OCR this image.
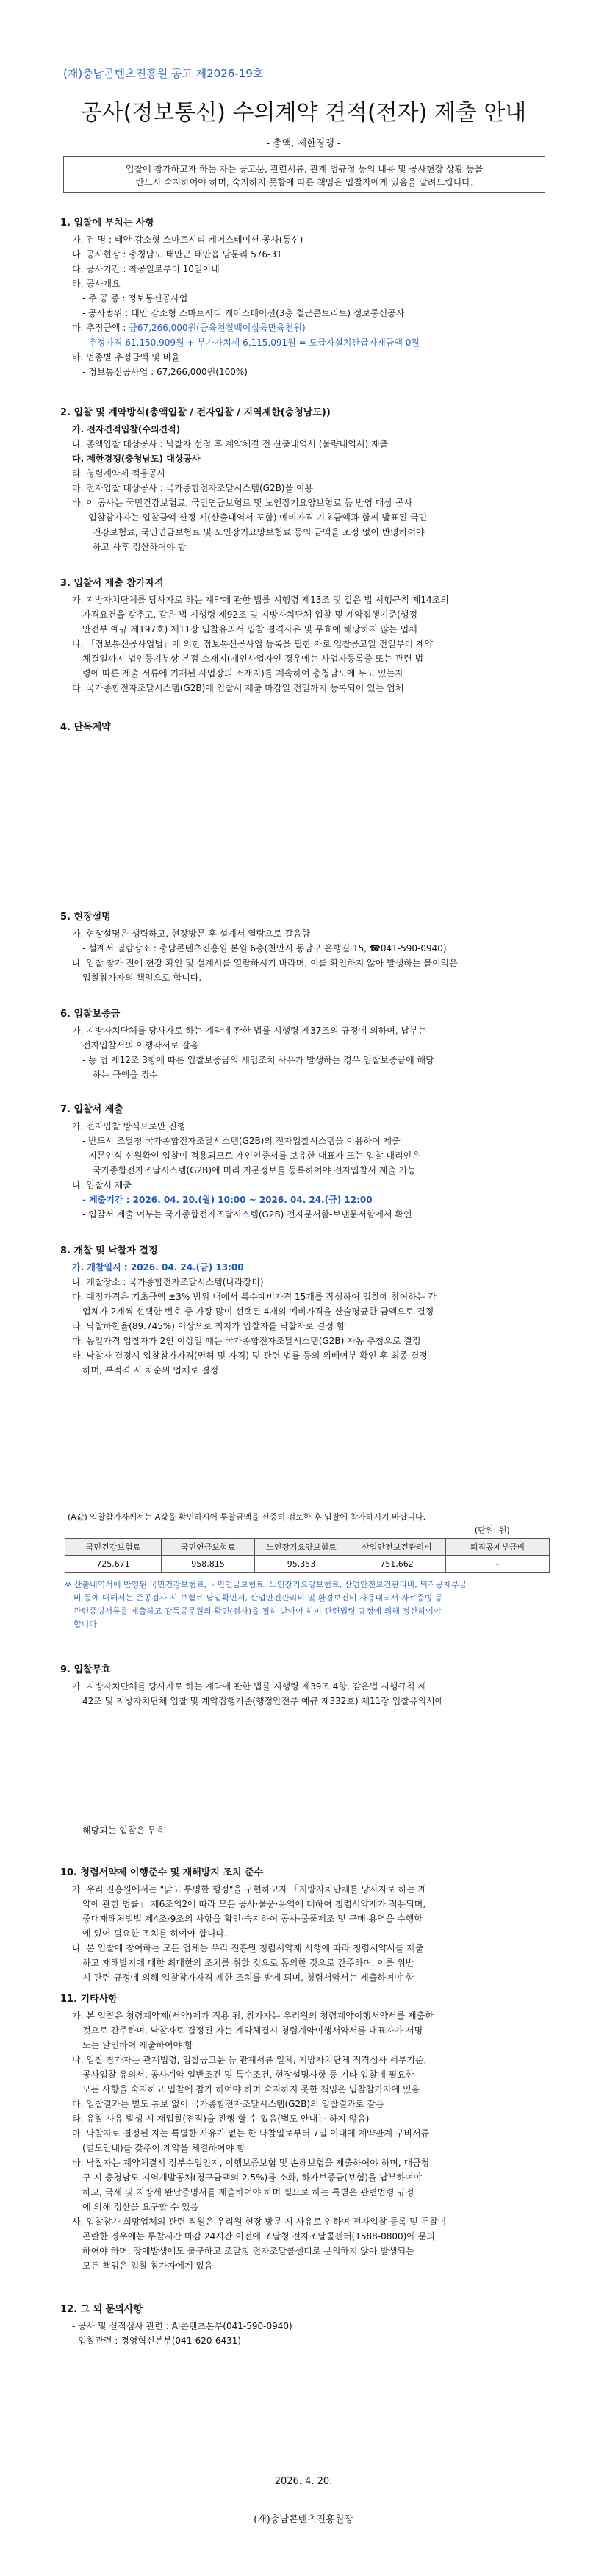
(재)충남콘텐츠진흥원 공고 제2026-19호
공사(정보통신) 수의계약 견적(전자) 제출 안내
- 총액, 제한경쟁 -
입찰에 참가하고자 하는 자는 공고문, 관련서류, 관계 법규정 등의 내용 및 공사현장 상황 등을
반드시 숙지하여야 하며, 숙지하지 못함에 따른 책임은 입찰자에게 있음을 알려드립니다.
1. 입찰에 부치는 사항
가. 건 명 : 태안 감소형 스마트시티 케어스테이션 공사(통신)
나. 공사현장 : 충청남도 태안군 태안읍 남문리 576-31
다. 공사기간 : 착공일로부터 10일이내
라. 공사개요
- 주 공 종 : 정보통신공사업
- 공사범위 : 태안 감소형 스마트시티 케어스테이션(3층 철근콘트리트) 정보통신공사
마. 추정금액 : 금67,266,000원(금육천칠백이십육만육천원)
- 추정가격 61,150,909원 + 부가가치세 6,115,091원 = 도급자설치관급자재금액 0원
바. 업종별 추정금액 및 비율
- 정보통신공사업 : 67,266,000원(100%)
2. 입찰 및 계약방식(총액입찰 / 전자입찰 / 지역제한(충청남도))
가. 전자견적입찰(수의견적)
나. 총액입찰 대상공사 : 낙찰자 선정 후 계약체결 전 산출내역서 (물량내역서) 제출
다. 제한경쟁(충청남도) 대상공사
라. 청렴계약제 적용공사
마. 전자입찰 대상공사 : 국가종합전자조달시스템(G2B)을 이용
바. 이 공사는 국민건강보험료, 국민연금보험료 및 노인장기요양보험료 등 반영 대상 공사
- 입찰참가자는 입찰금액 산정 시(산출내역서 포함) 예비가격 기초금액과 함께 발표된 국민
건강보험료, 국민연금보험료 및 노인장기요양보험료 등의 금액을 조정 없이 반영하여야
하고 사후 정산하여야 함
3. 입찰서 제출 참가자격
가. 지방자치단체를 당사자로 하는 계약에 관한 법률 시행령 제13조 및 같은 법 시행규칙 제14조의
자격요건을 갖추고, 같은 법 시행령 제92조 및 지방자치단체 입찰 및 계약집행기준(행정
안전부 예규 제197호) 제11장 입찰유의서 입찰 결격사유 및 무효에 해당하지 않는 업체
나. 「정보통신공사업법」에 의한 정보통신공사업 등록을 필한 자로 입찰공고일 전일부터 계약
체결일까지 법인등기부상 본점 소재지(개인사업자인 경우에는 사업자등록증 또는 관련 법
령에 따른 제출 서류에 기재된 사업장의 소재지)를 계속하여 충청남도에 두고 있는자
다. 국가종합전자조달시스템(G2B)에 입찰서 제출 마감일 전일까지 등록되어 있는 업체
4. 단독계약
5. 현장설명
가. 현장설명은 생략하고, 현장방문 후 설계서 열람으로 갈음함
- 설계서 열람장소 : 충남콘텐츠진흥원 본원 6층(천안시 동남구 은행길 15, ☎041-590-0940)
나. 입찰 참가 전에 현장 확인 및 설계서를 열람하시기 바라며, 이를 확인하지 않아 발생하는 불이익은
입찰참가자의 책임으로 합니다.
6. 입찰보증금
가. 지방자치단체를 당사자로 하는 계약에 관한 법률 시행령 제37조의 규정에 의하며, 납부는
전자입찰서의 이행각서로 갈음
- 동 법 제12조 3항에 따른 입찰보증금의 세입조치 사유가 발생하는 경우 입찰보증금에 해당
하는 금액을 징수
7. 입찰서 제출
가. 전자입찰 방식으로만 진행
- 반드시 조달청 국가종합전자조달시스템(G2B)의 전자입찰시스템을 이용하여 제출
- 지문인식 신원확인 입찰이 적용되므로 개인인증서를 보유한 대표자 또는 입찰 대리인은
국가종합전자조달시스템(G2B)에 미리 지문정보를 등록하여야 전자입찰서 제출 가능
나. 입찰서 제출
- 제출기간 : 2026. 04. 20.(월) 10:00 ~ 2026. 04. 24.(금) 12:00
- 입찰서 제출 여부는 국가종합전자조달시스템(G2B) 전자문서함-보낸문서함에서 확인
8. 개찰 및 낙찰자 결정
가. 개찰일시 : 2026. 04. 24.(금) 13:00
나. 개찰장소 : 국가종합전자조달시스템(나라장터)
다. 예정가격은 기초금액 ±3% 범위 내에서 복수예비가격 15개를 작성하여 입찰에 참여하는 각
업체가 2개씩 선택한 번호 중 가장 많이 선택된 4개의 예비가격을 산술평균한 금액으로 결정
라. 낙찰하한율(89.745%) 이상으로 최저가 입찰자를 낙찰자로 결정 함
마. 동일가격 입찰자가 2인 이상일 때는 국가종합전자조달시스템(G2B) 자동 추첨으로 결정
바. 낙찰자 결정시 입찰참가자격(면허 및 자격) 및 관련 법률 등의 위배여부 확인 후 최종 결정
하며, 부적격 시 차순위 업체로 결정
(A값) 입찰참가자께서는 A값을 확인하시어 투찰금액을 신중히 검토한 후 입찰에 참가하시기 바랍니다.
(단위: 원)
국민건강보험료	국민연금보험료	노인장기요양보험료	산업안전보건관리비	퇴직공제부금비
725,671	958,815	95,353	751,662	-
※ 산출내역서에 반영된 국민건강보험료, 국민연금보험료, 노인장기요양보험료, 산업안전보건관리비, 퇴직공제부금
비 등에 대해서는 준공검사 시 보험료 납입확인서, 산업안전관리비 및 환경보전비 사용내역서·자료증빙 등
관련증빙서류를 제출하고 감독공무원의 확인(검사)을 필히 받아야 하며 관련법령 규정에 의해 정산하여야
합니다.
9. 입찰무효
가. 지방자치단체를 당사자로 하는 계약에 관한 법률 시행령 제39조 4항, 같은법 시행규칙 제
42조 및 지방자치단체 입찰 및 계약집행기준(행정안전부 예규 제332호) 제11장 입찰유의서에
해당되는 입찰은 무효
10. 청렴서약제 이행준수 및 재해방지 조치 준수
가. 우리 진흥원에서는 "맑고 투명한 행정"을 구현하고자 「지방자치단체를 당사자로 하는 계
약에 관한 법률」 제6조의2에 따라 모든 공사·물품·용역에 대하여 청렴서약제가 적용되며,
중대재해처벌법 제4조·9조의 사항을 확인·숙지하여 공사·물품제조 및 구매·용역을 수행함
에 있어 필요한 조치를 하여야 합니다.
나. 본 입찰에 참여하는 모든 업체는 우리 진흥원 청렴서약제 시행에 따라 청렴서약서를 제출
하고 재해발지에 대한 최대한의 조치를 취할 것으로 동의한 것으로 간주하며, 이를 위반
시 관련 규정에 의해 입찰참가자격 제한 조치를 받게 되며, 청렴서약서는 제출하여야 함
11. 기타사항
가. 본 입찰은 청렴계약제(서약)제가 적용 됨, 참가자는 우리원의 청렴계약이행서약서를 제출한
것으로 간주하며, 낙찰자로 결정된 자는 계약체결시 청렴계약이행서약서를 대표자가 서명
또는 날인하여 제출하여야 함
나. 입찰 참가자는 관계법령, 입찰공고문 등 관계서류 일체, 지방자치단체 적격심사 세부기준,
공사입찰 유의서, 공사계약 일반조건 및 특수조건, 현장설명사항 등 기타 입찰에 필요한
모든 사항을 숙지하고 입찰에 참가 하여야 하며 숙지하지 못한 책임은 입찰참가자에 있음
다. 입찰결과는 별도 통보 없이 국가종합전자조달시스템(G2B)의 입찰결과로 갈음
라. 유찰 사유 발생 시 재입찰(견적)을 진행 할 수 있음(별도 안내는 하지 않음)
마. 낙찰자로 결정된 자는 특별한 사유가 없는 한 낙찰일로부터 7일 이내에 계약관계 구비서류
(별도안내)를 갖추어 계약을 체결하여야 함
바. 낙찰자는 계약체결시 정부수입인지, 이행보증보험 및 손해보험을 제출하여야 하며, 대금청
구 시 충청남도 지역개발공채(청구금액의 2.5%)를 소화, 하자보증금(보험)을 납부하여야
하고, 국세 및 지방세 완납증명서를 제출하여야 하며 필요로 하는 특별은 관련법령 규정
에 의해 정산을 요구할 수 있음
사. 입찰참가 희망업체의 관련 직원은 우리원 현장 방문 시 사유로 인하여 전자입찰 등록 및 투찰이
곤란한 경우에는 투찰시간 마감 24시간 이전에 조달청 전자조달콜센터(1588-0800)에 문의
하여야 하며, 장애발생에도 불구하고 조달청 전자조달콜센터로 문의하지 않아 발생되는
모든 책임은 입찰 참가자에게 있음
12. 그 외 문의사항
- 공사 및 실적심사 관련 : AI콘텐츠본부(041-590-0940)
- 입찰관련 : 경영혁신본부(041-620-6431)
2026. 4. 20.
(재)충남콘텐츠진흥원장
